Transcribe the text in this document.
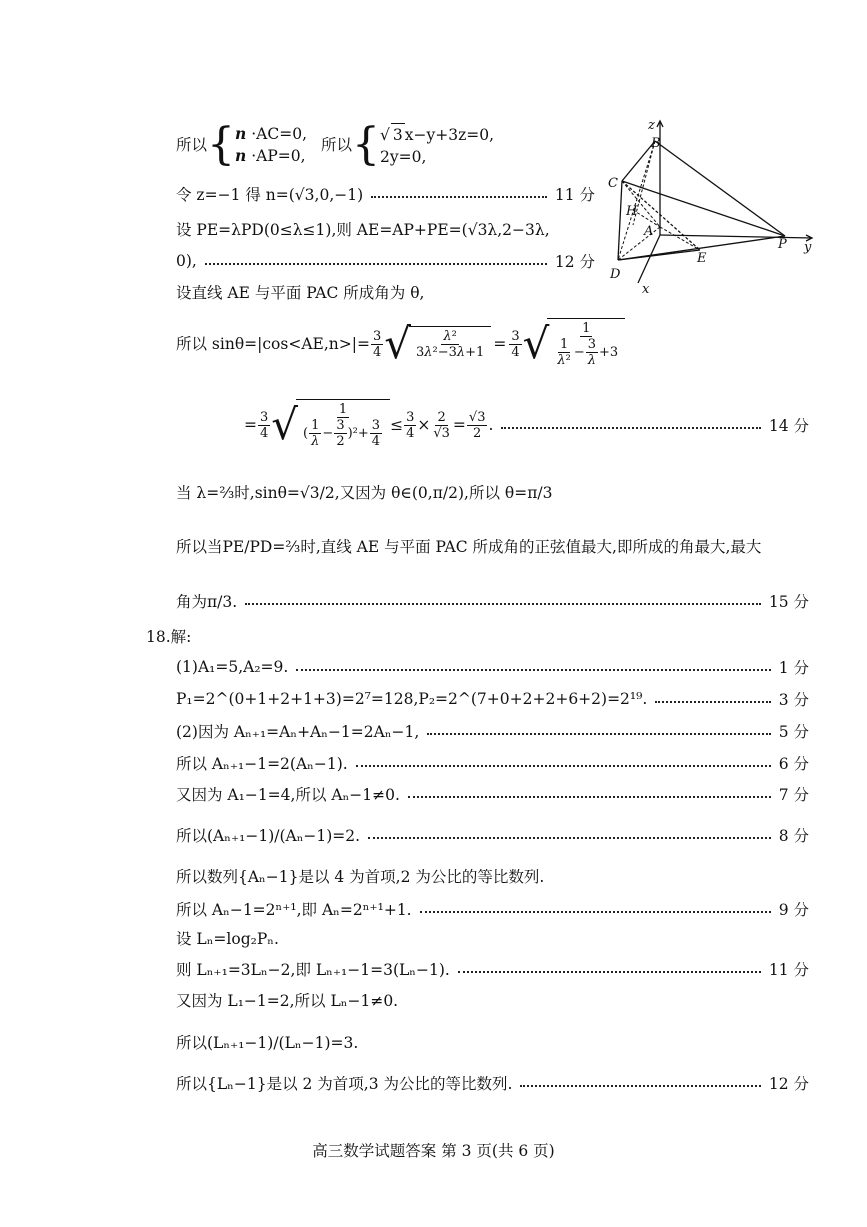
所以 { n ·AC=0,
n ·AP=0,
所以 { √ 3 x−y+3z=0,
2y=0,
令 z=−1 得 n=(√3,0,−1)	11 分
设 PE=λPD(0≤λ≤1),则 AE=AP+PE=(√3λ,2−3λ,
0),	12 分
设直线 AE 与平面 PAC 所成角为 θ,
所以 $\sin\theta=|\cos<AE,n>|= \frac{3}{4}$ √ $\frac{\text{λ²}}{\text{3λ²−3λ+1}} = \frac{3}{4}$ √ $\frac{1}{\frac{1}{\text{λ²}} - \frac{3}{\lambda} +3}$
= $\frac{3}{4}$ √ $\frac{1}{( \frac{1}{\lambda} - \frac{3}{2} )^2+ \frac{3}{4}} \le \frac{3}{4} \times \frac{2}{√3} = \frac{√3}{2}$ .	14 分
当 λ=⅔时,sinθ=√3/2,又因为 θ∈(0,π/2),所以 θ=π/3
所以当PE/PD=⅔时,直线 AE 与平面 PAC 所成角的正弦值最大,即所成的角最大,最大
角为π/3.	15 分
18.解:
(1)A₁=5,A₂=9.	1 分
P₁=2^(0+1+2+1+3)=2⁷=128,P₂=2^(7+0+2+2+6+2)=2¹⁹.	3 分
(2)因为 Aₙ₊₁=Aₙ+Aₙ−1=2Aₙ−1,	5 分
所以 Aₙ₊₁−1=2(Aₙ−1).	6 分
又因为 A₁−1=4,所以 Aₙ−1≠0.	7 分
所以(Aₙ₊₁−1)/(Aₙ−1)=2.	8 分
所以数列{Aₙ−1}是以 4 为首项,2 为公比的等比数列.
所以 Aₙ−1=2ⁿ⁺¹,即 Aₙ=2ⁿ⁺¹+1.	9 分
设 Lₙ=log₂Pₙ.
则 Lₙ₊₁=3Lₙ−2,即 Lₙ₊₁−1=3(Lₙ−1).	11 分
又因为 L₁−1=2,所以 Lₙ−1≠0.
所以(Lₙ₊₁−1)/(Lₙ−1)=3.
所以{Lₙ−1}是以 2 为首项,3 为公比的等比数列.	12 分
z
B
C
H
A
P y
E
D
x
高三数学试题答案 第 3 页(共 6 页)
